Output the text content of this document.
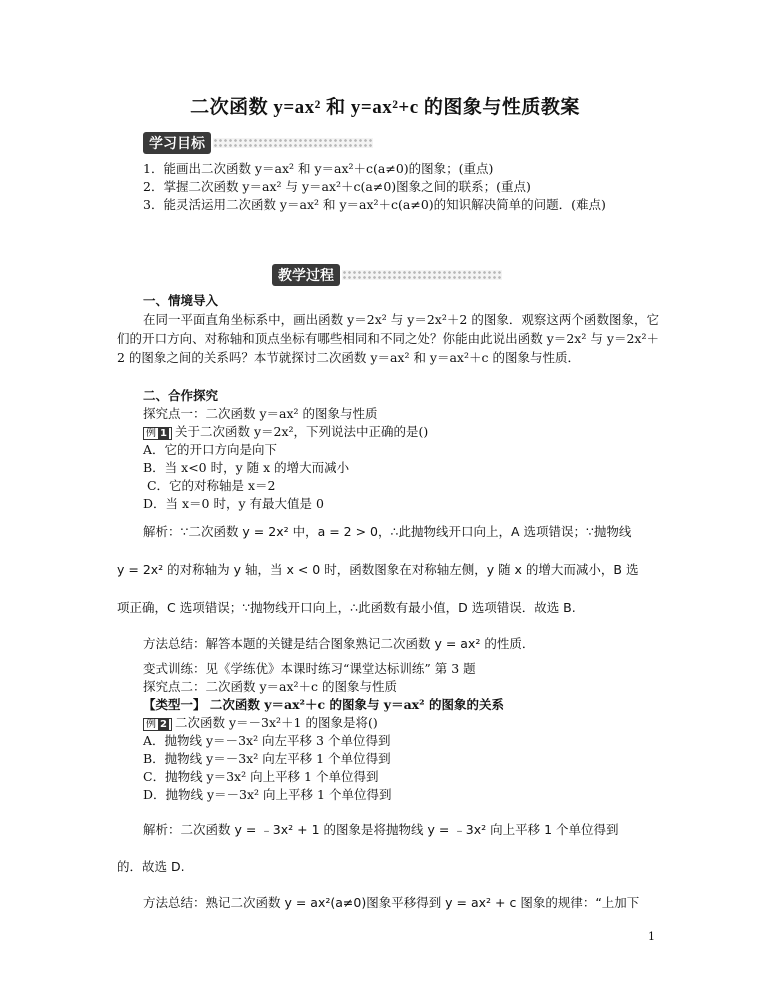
二次函数 y=ax² 和 y=ax²+c 的图象与性质教案
学习目标
1．能画出二次函数 y＝ax² 和 y＝ax²＋c(a≠0)的图象；(重点)
2．掌握二次函数 y＝ax² 与 y＝ax²＋c(a≠0)图象之间的联系；(重点)
3．能灵活运用二次函数 y＝ax² 和 y＝ax²＋c(a≠0)的知识解决简单的问题．(难点)
教学过程
一、情境导入
在同一平面直角坐标系中，画出函数 y＝2x² 与 y＝2x²＋2 的图象．观察这两个函数图象，它们的开口方向、对称轴和顶点坐标有哪些相同和不同之处？你能由此说出函数 y＝2x² 与 y＝2x²＋2 的图象之间的关系吗？本节就探讨二次函数 y＝ax² 和 y＝ax²＋c 的图象与性质．
二、合作探究
探究点一：二次函数 y＝ax² 的图象与性质
例 1 关于二次函数 y＝2x²，下列说法中正确的是()
A．它的开口方向是向下
B．当 x<0 时，y 随 x 的增大而减小
C．它的对称轴是 x＝2
D．当 x＝0 时，y 有最大值是 0
解析：∵二次函数 y = 2x² 中，a = 2 > 0，∴此抛物线开口向上，A 选项错误；∵抛物线
y = 2x² 的对称轴为 y 轴，当 x < 0 时，函数图象在对称轴左侧，y 随 x 的增大而减小，B 选
项正确，C 选项错误；∵抛物线开口向上，∴此函数有最小值，D 选项错误．故选 B.
方法总结：解答本题的关键是结合图象熟记二次函数 y = ax² 的性质．
变式训练：见《学练优》本课时练习“课堂达标训练” 第 3 题
探究点二：二次函数 y＝ax²＋c 的图象与性质
【类型一】 二次函数 y＝ax²＋c 的图象与 y＝ax² 的图象的关系
例 2 二次函数 y＝－3x²＋1 的图象是将()
A．抛物线 y＝－3x² 向左平移 3 个单位得到
B．抛物线 y＝－3x² 向左平移 1 个单位得到
C．抛物线 y＝3x² 向上平移 1 个单位得到
D．抛物线 y＝－3x² 向上平移 1 个单位得到
解析：二次函数 y = ﹣3x² + 1 的图象是将抛物线 y = ﹣3x² 向上平移 1 个单位得到
的．故选 D.
方法总结：熟记二次函数 y = ax²(a≠0)图象平移得到 y = ax² + c 图象的规律：“上加下
1
